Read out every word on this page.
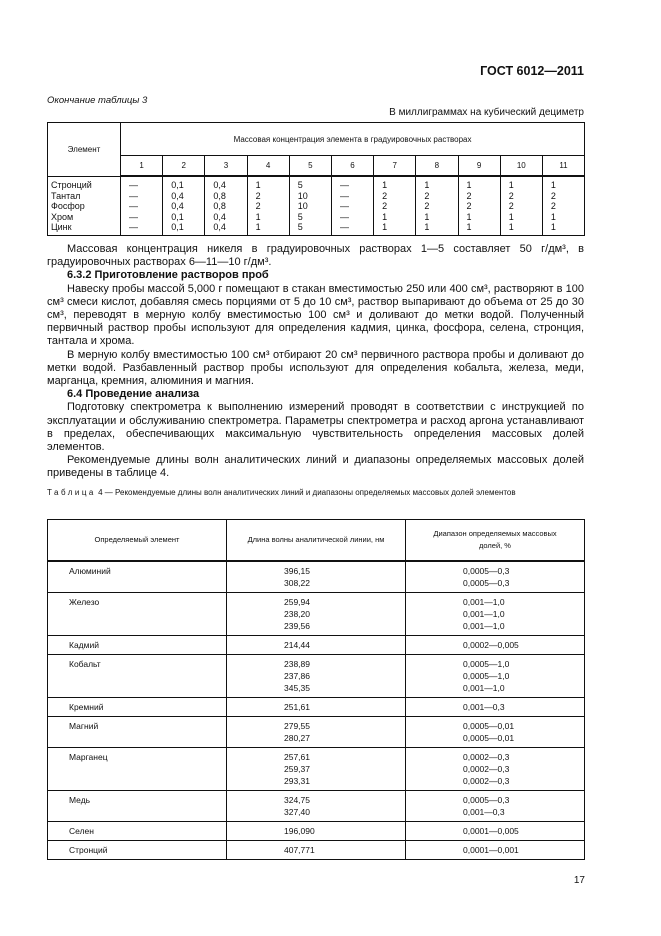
ГОСТ 6012—2011
Окончание таблицы 3
В миллиграммах на кубический дециметр
Элемент	Массовая концентрация элемента в градуировочных растворах
1	2	3	4	5	6	7	8	9	10	11
Стронций	—	0,1	0,4	1	5	—	1	1	1	1	1
Тантал	—	0,4	0,8	2	10	—	2	2	2	2	2
Фосфор	—	0,4	0,8	2	10	—	2	2	2	2	2
Хром	—	0,1	0,4	1	5	—	1	1	1	1	1
Цинк	—	0,1	0,4	1	5	—	1	1	1	1	1

Массовая концентрация никеля в градуировочных растворах 1—5 составляет 50 г/дм³, в градуировочных растворах 6—11—10 г/дм³.

6.3.2 Приготовление растворов проб

Навеску пробы массой 5,000 г помещают в стакан вместимостью 250 или 400 см³, растворяют в 100 см³ смеси кислот, добавляя смесь порциями от 5 до 10 см³, раствор выпаривают до объема от 25 до 30 см³, переводят в мерную колбу вместимостью 100 см³ и доливают до метки водой. Полученный первичный раствор пробы используют для определения кадмия, цинка, фосфора, селена, стронция, тантала и хрома.

В мерную колбу вместимостью 100 см³ отбирают 20 см³ первичного раствора пробы и доливают до метки водой. Разбавленный раствор пробы используют для определения кобальта, железа, меди, марганца, кремния, алюминия и магния.

6.4 Проведение анализа

Подготовку спектрометра к выполнению измерений проводят в соответствии с инструкцией по эксплуатации и обслуживанию спектрометра. Параметры спектрометра и расход аргона устанавливают в пределах, обеспечивающих максимальную чувствительность определения массовых долей элементов.

Рекомендуемые длины волн аналитических линий и диапазоны определяемых массовых долей приведены в таблице 4.

Таблица 4 — Рекомендуемые длины волн аналитических линий и диапазоны определяемых массовых долей элементов
Определяемый элемент	Длина волны аналитической линии, нм	Диапазон определяемых массовых долей, %
Алюминий	396,15
308,22

0,0005—0,3
0,0005—0,3

Железо	259,94
238,20
239,56

0,001—1,0
0,001—1,0
0,001—1,0

Кадмий	214,44	0,0002—0,005

Кобальт	238,89
237,86
345,35

0,0005—1,0
0,0005—1,0
0,001—1,0

Кремний	251,61	0,001—0,3

Магний	279,55
280,27

0,0005—0,01
0,0005—0,01

Марганец	257,61
259,37
293,31

0,0002—0,3
0,0002—0,3
0,0002—0,3

Медь	324,75
327,40

0,0005—0,3
0,001—0,3

Селен	196,090	0,0001—0,005

Стронций	407,771	0,0001—0,001
17
